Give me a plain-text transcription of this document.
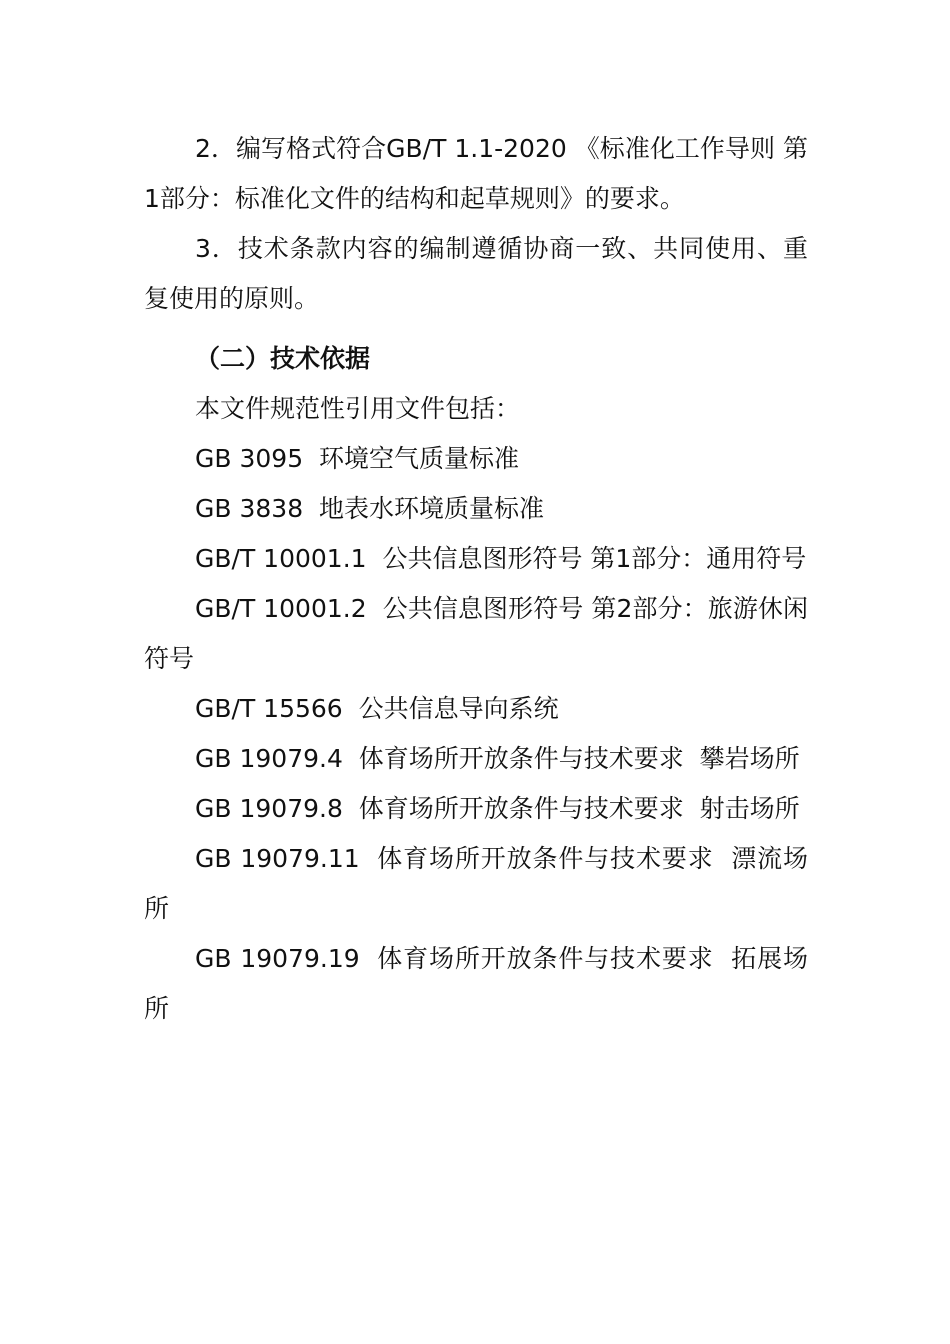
2．编写格式符合GB/T 1.1-2020 《标准化工作导则 第1部分：标准化文件的结构和起草规则》的要求。

3．技术条款内容的编制遵循协商一致、共同使用、重复使用的原则。

（二）技术依据

本文件规范性引用文件包括：

GB 3095  环境空气质量标准

GB 3838  地表水环境质量标准

GB/T 10001.1  公共信息图形符号 第1部分：通用符号

GB/T 10001.2  公共信息图形符号 第2部分：旅游休闲符号

GB/T 15566  公共信息导向系统

GB 19079.4  体育场所开放条件与技术要求  攀岩场所

GB 19079.8  体育场所开放条件与技术要求  射击场所

GB 19079.11  体育场所开放条件与技术要求  漂流场所

GB 19079.19  体育场所开放条件与技术要求  拓展场所
